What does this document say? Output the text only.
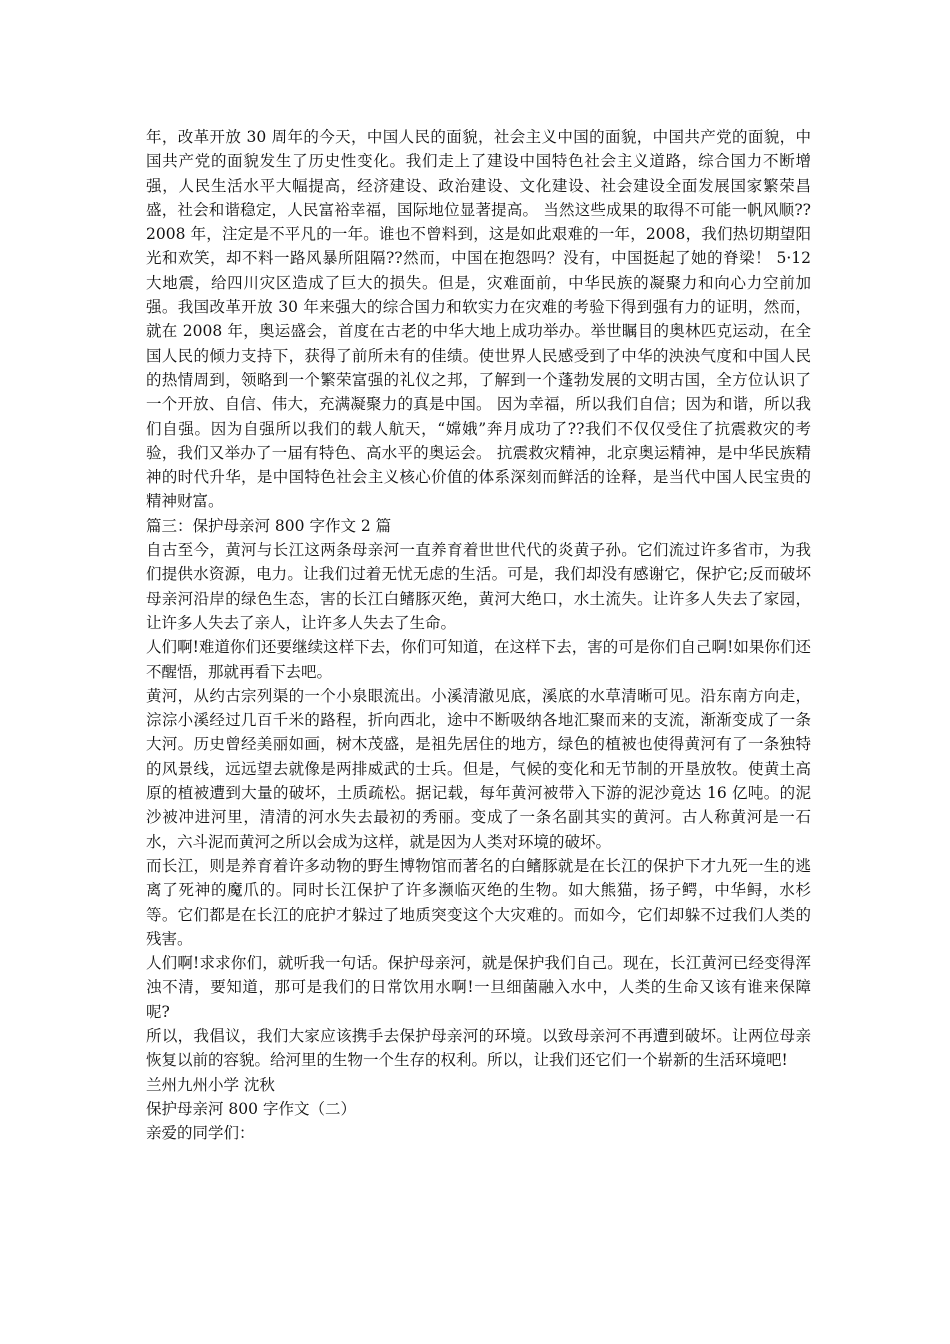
年，改革开放 30 周年的今天，中国人民的面貌，社会主义中国的面貌，中国共产党的面貌，中国共产党的面貌发生了历史性变化。我们走上了建设中国特色社会主义道路，综合国力不断增强，人民生活水平大幅提高，经济建设、政治建设、文化建设、社会建设全面发展国家繁荣昌盛，社会和谐稳定，人民富裕幸福，国际地位显著提高。 当然这些成果的取得不可能一帆风顺?? 2008 年，注定是不平凡的一年。谁也不曾料到，这是如此艰难的一年，2008，我们热切期望阳光和欢笑，却不料一路风暴所阻隔??然而，中国在抱怨吗？没有，中国挺起了她的脊梁！ 5·12 大地震，给四川灾区造成了巨大的损失。但是，灾难面前，中华民族的凝聚力和向心力空前加强。我国改革开放 30 年来强大的综合国力和软实力在灾难的考验下得到强有力的证明，然而，就在 2008 年，奥运盛会，首度在古老的中华大地上成功举办。举世瞩目的奥林匹克运动，在全国人民的倾力支持下，获得了前所未有的佳绩。使世界人民感受到了中华的泱泱气度和中国人民的热情周到，领略到一个繁荣富强的礼仪之邦，了解到一个蓬勃发展的文明古国，全方位认识了一个开放、自信、伟大，充满凝聚力的真是中国。 因为幸福，所以我们自信；因为和谐，所以我们自强。因为自强所以我们的载人航天，“嫦娥”奔月成功了??我们不仅仅受住了抗震救灾的考验，我们又举办了一届有特色、高水平的奥运会。 抗震救灾精神，北京奥运精神，是中华民族精神的时代升华，是中国特色社会主义核心价值的体系深刻而鲜活的诠释，是当代中国人民宝贵的精神财富。

篇三：保护母亲河 800 字作文 2 篇

自古至今，黄河与长江这两条母亲河一直养育着世世代代的炎黄子孙。它们流过许多省市，为我们提供水资源，电力。让我们过着无忧无虑的生活。可是，我们却没有感谢它，保护它;反而破坏母亲河沿岸的绿色生态，害的长江白鳍豚灭绝，黄河大绝口，水土流失。让许多人失去了家园，让许多人失去了亲人，让许多人失去了生命。

人们啊!难道你们还要继续这样下去，你们可知道，在这样下去，害的可是你们自己啊!如果你们还不醒悟，那就再看下去吧。

黄河，从约古宗列渠的一个小泉眼流出。小溪清澈见底，溪底的水草清晰可见。沿东南方向走，淙淙小溪经过几百千米的路程，折向西北，途中不断吸纳各地汇聚而来的支流，渐渐变成了一条大河。历史曾经美丽如画，树木茂盛，是祖先居住的地方，绿色的植被也使得黄河有了一条独特的风景线，远远望去就像是两排威武的士兵。但是，气候的变化和无节制的开垦放牧。使黄土高原的植被遭到大量的破坏，土质疏松。据记载，每年黄河被带入下游的泥沙竟达 16 亿吨。的泥沙被冲进河里，清清的河水失去最初的秀丽。变成了一条名副其实的黄河。古人称黄河是一石水，六斗泥而黄河之所以会成为这样，就是因为人类对环境的破坏。

而长江，则是养育着许多动物的野生博物馆而著名的白鳍豚就是在长江的保护下才九死一生的逃离了死神的魔爪的。同时长江保护了许多濒临灭绝的生物。如大熊猫，扬子鳄，中华鲟，水杉等。它们都是在长江的庇护才躲过了地质突变这个大灾难的。而如今，它们却躲不过我们人类的残害。

人们啊!求求你们，就听我一句话。保护母亲河，就是保护我们自己。现在，长江黄河已经变得浑浊不清，要知道，那可是我们的日常饮用水啊!一旦细菌融入水中，人类的生命又该有谁来保障呢?

所以，我倡议，我们大家应该携手去保护母亲河的环境。以致母亲河不再遭到破坏。让两位母亲恢复以前的容貌。给河里的生物一个生存的权利。所以，让我们还它们一个崭新的生活环境吧!

兰州九州小学 沈秋

保护母亲河 800 字作文（二）

亲爱的同学们：
